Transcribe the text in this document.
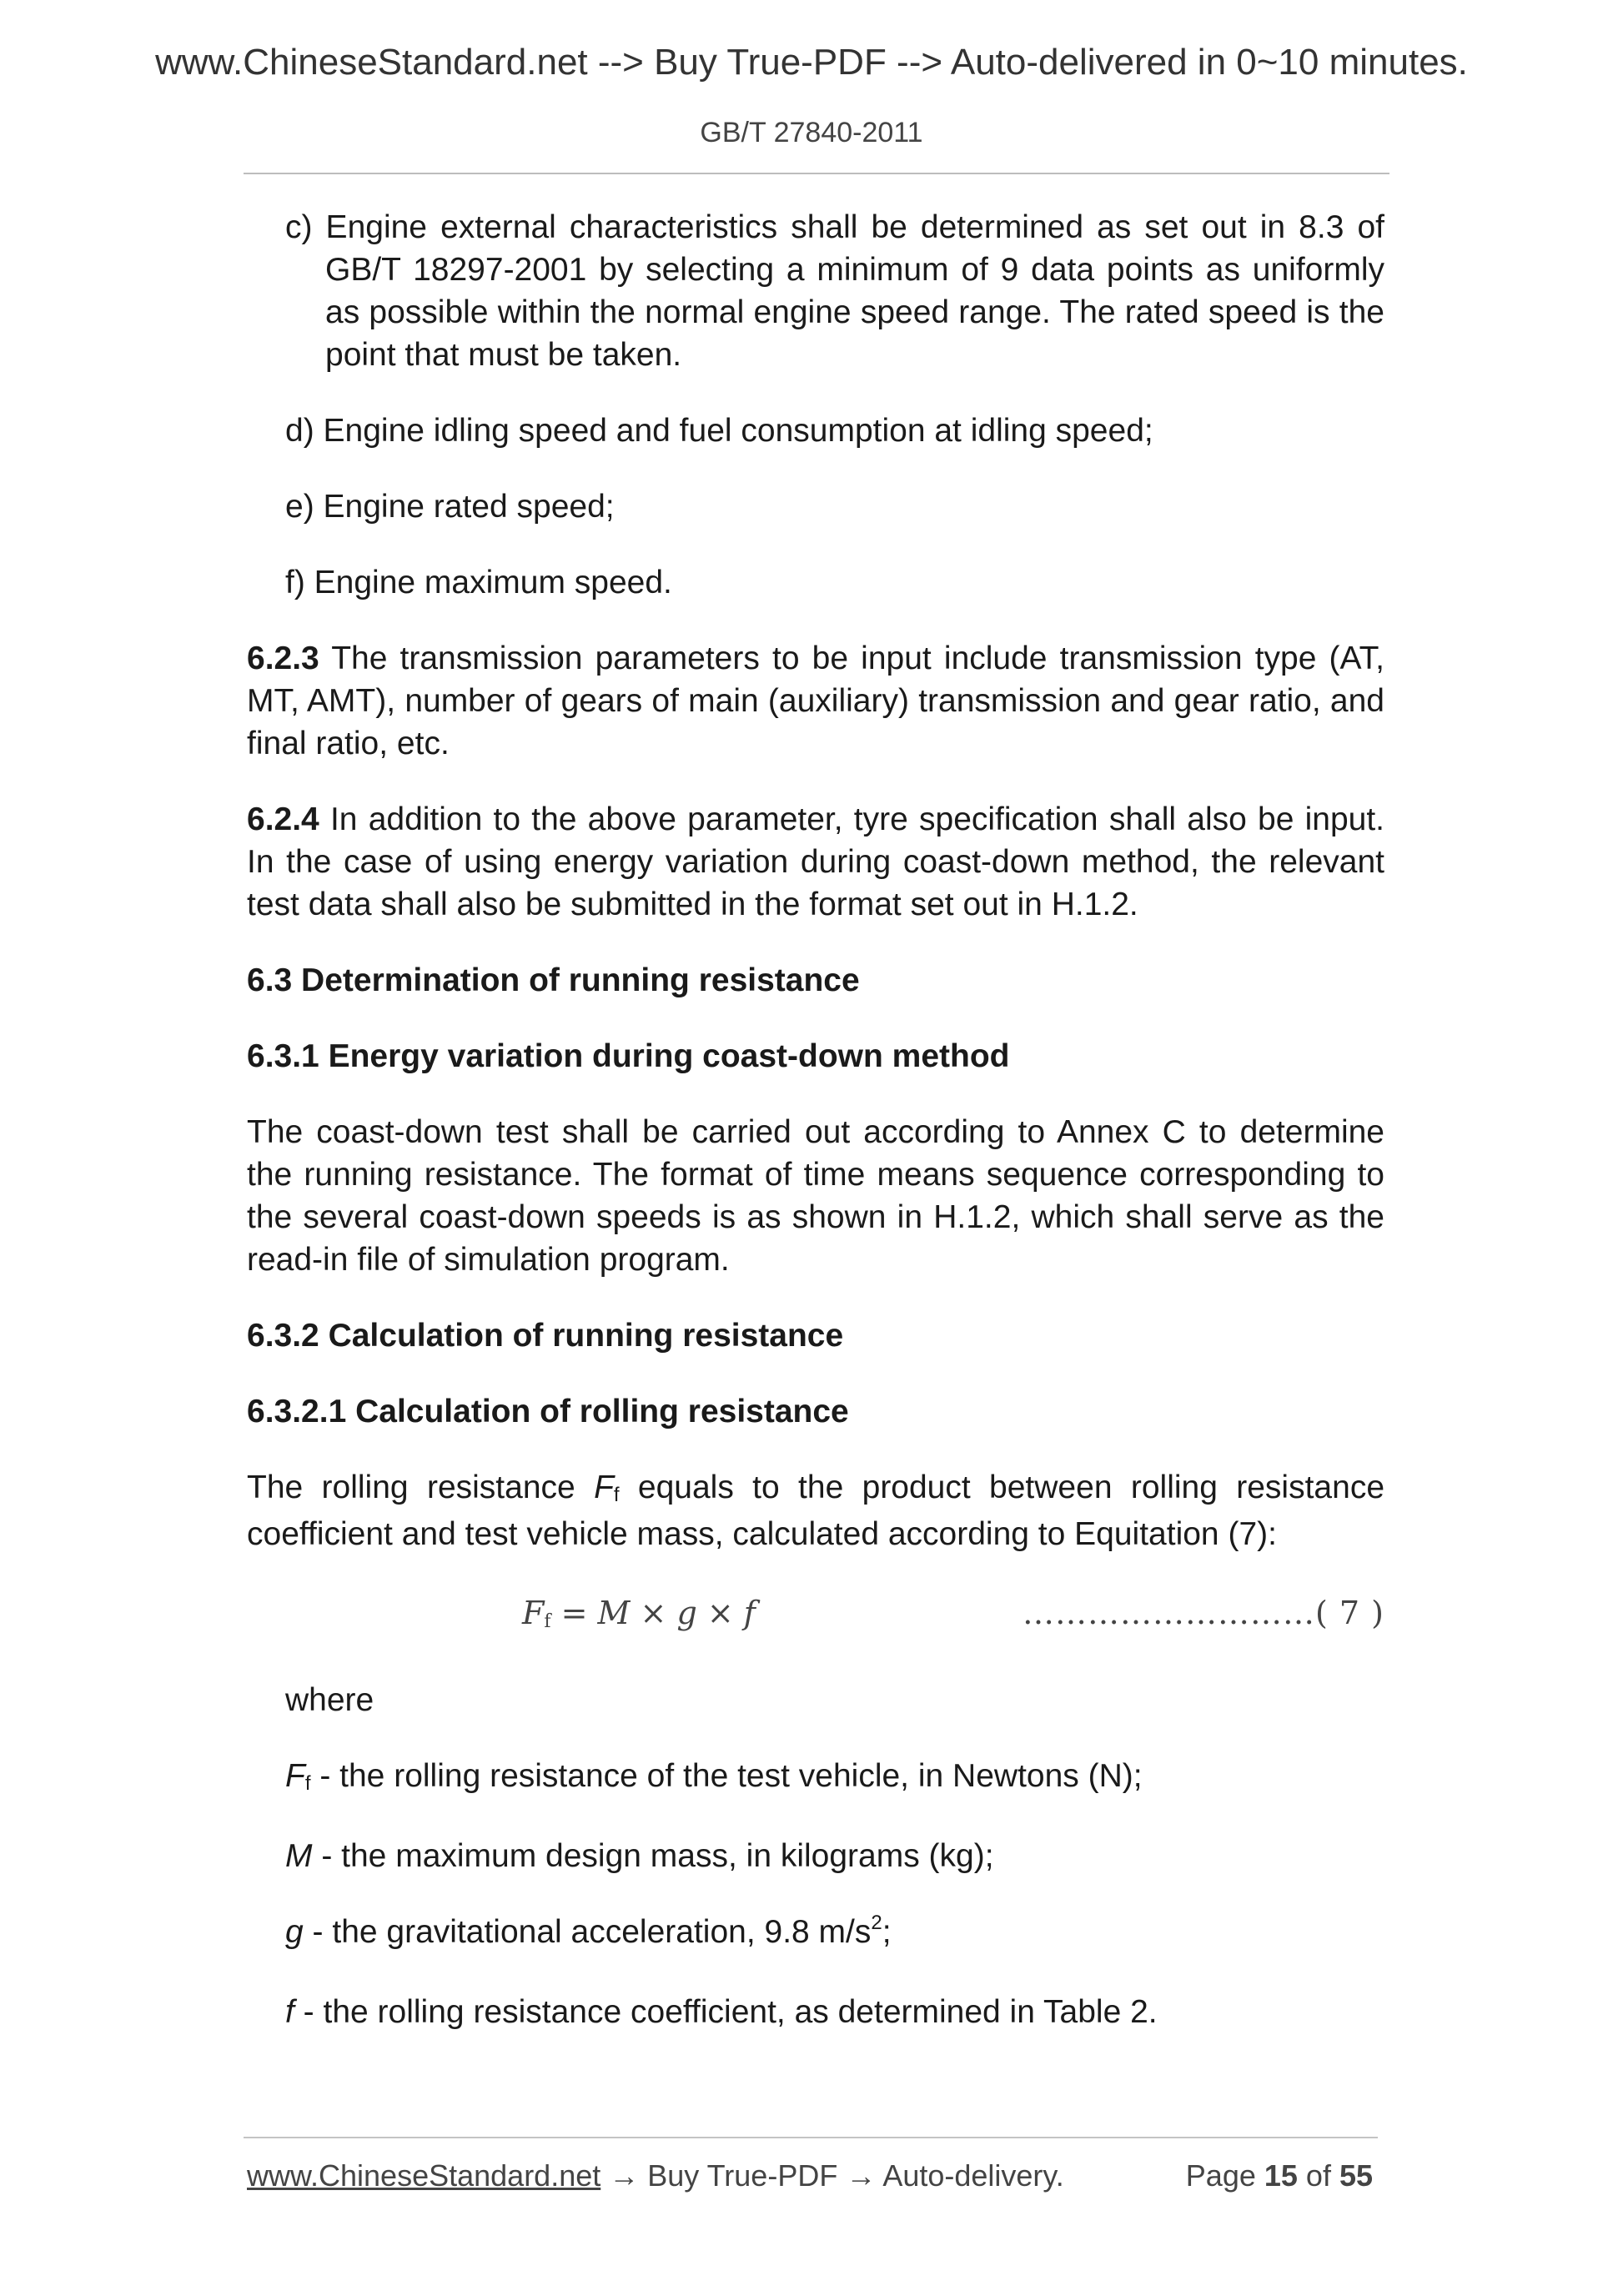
www.ChineseStandard.net --> Buy True-PDF --> Auto-delivered in 0~10 minutes.
GB/T 27840-2011

c) Engine external characteristics shall be determined as set out in 8.3 of GB/T 18297-2001 by selecting a minimum of 9 data points as uniformly as possible within the normal engine speed range. The rated speed is the point that must be taken.

d) Engine idling speed and fuel consumption at idling speed;

e) Engine rated speed;

f) Engine maximum speed.

6.2.3 The transmission parameters to be input include transmission type (AT, MT, AMT), number of gears of main (auxiliary) transmission and gear ratio, and final ratio, etc.

6.2.4 In addition to the above parameter, tyre specification shall also be input. In the case of using energy variation during coast-down method, the relevant test data shall also be submitted in the format set out in H.1.2.

6.3 Determination of running resistance

6.3.1 Energy variation during coast-down method

The coast-down test shall be carried out according to Annex C to determine the running resistance. The format of time means sequence corresponding to the several coast-down speeds is as shown in H.1.2, which shall serve as the read-in file of simulation program.

6.3.2 Calculation of running resistance

6.3.2.1 Calculation of rolling resistance

The rolling resistance Ff equals to the product between rolling resistance coefficient and test vehicle mass, calculated according to Equitation (7):

Ff = M × g × f	………………………( 7 )

where

Ff - the rolling resistance of the test vehicle, in Newtons (N);

M - the maximum design mass, in kilograms (kg);

g - the gravitational acceleration, 9.8 $m/s^2$;

f - the rolling resistance coefficient, as determined in Table 2.

www.ChineseStandard.net → Buy True-PDF → Auto-delivery.	Page 15 of 55
